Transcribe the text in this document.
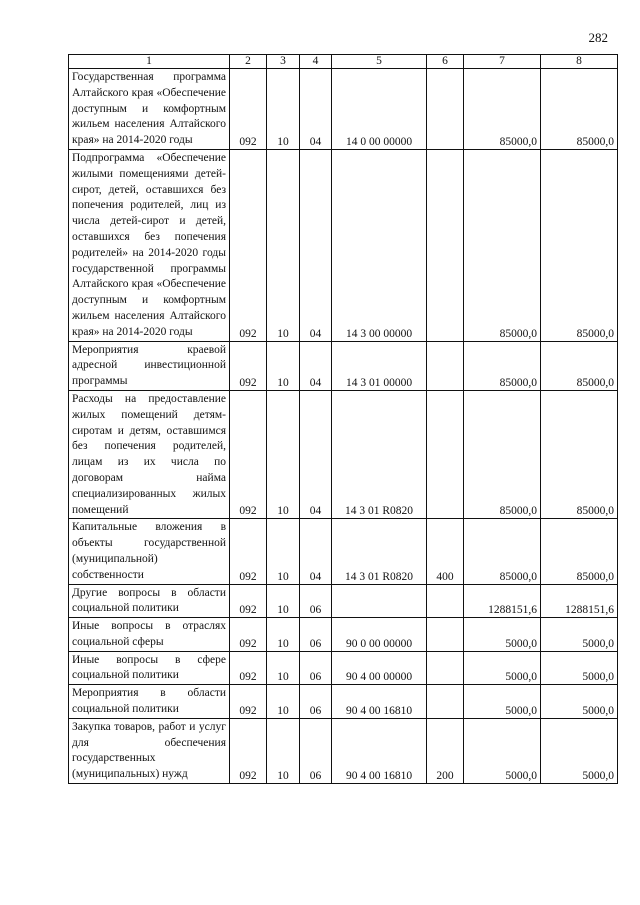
282
1	2	3	4	5	6	7	8
Государственная программа Алтайского края «Обеспечение доступным и комфортным жильем населения Алтайского края» на 2014-2020 годы	092	10	04	14 0 00 00000		85000,0	85000,0
Подпрограмма «Обеспечение жилыми помещениями детей-сирот, детей, оставшихся без попечения родителей, лиц из числа детей-сирот и детей, оставшихся без попечения родителей» на 2014-2020 годы государственной программы Алтайского края «Обеспечение доступным и комфортным жильем населения Алтайского края» на 2014-2020 годы	092	10	04	14 3 00 00000		85000,0	85000,0
Мероприятия краевой адресной инвестиционной программы	092	10	04	14 3 01 00000		85000,0	85000,0
Расходы на предоставление жилых помещений детям-сиротам и детям, оставшимся без попечения родителей, лицам из их числа по договорам найма специализированных жилых помещений	092	10	04	14 3 01 R0820		85000,0	85000,0
Капитальные вложения в объекты государственной (муниципальной) собственности	092	10	04	14 3 01 R0820	400	85000,0	85000,0
Другие вопросы в области социальной политики	092	10	06			1288151,6	1288151,6
Иные вопросы в отраслях социальной сферы	092	10	06	90 0 00 00000		5000,0	5000,0
Иные вопросы в сфере социальной политики	092	10	06	90 4 00 00000		5000,0	5000,0
Мероприятия в области социальной политики	092	10	06	90 4 00 16810		5000,0	5000,0
Закупка товаров, работ и услуг для обеспечения государственных (муниципальных) нужд	092	10	06	90 4 00 16810	200	5000,0	5000,0
